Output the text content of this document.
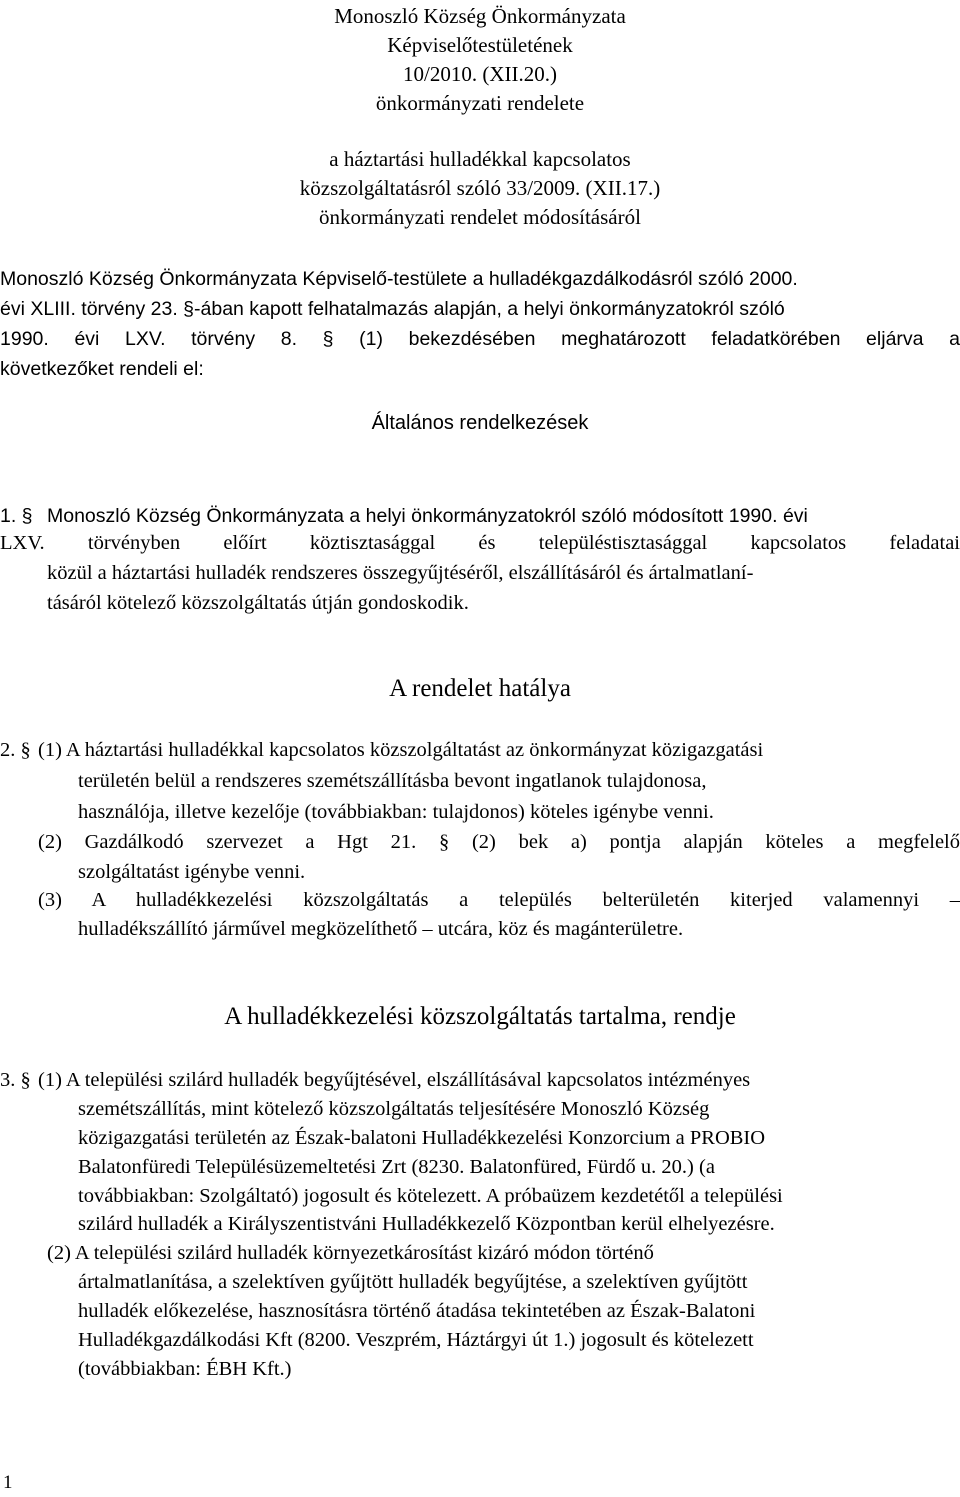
Monoszló Község Önkormányzata
Képviselőtestületének
10/2010. (XII.20.)
önkormányzati rendelete
a háztartási hulladékkal kapcsolatos
közszolgáltatásról szóló 33/2009. (XII.17.)
önkormányzati rendelet módosításáról
Monoszló Község Önkormányzata Képviselő-testülete a hulladékgazdálkodásról szóló 2000.
évi XLIII. törvény 23. §-ában kapott felhatalmazás alapján, a helyi önkormányzatokról szóló
1990. évi LXV. törvény 8. § (1) bekezdésében meghatározott feladatkörében eljárva a
következőket rendeli el:
Általános rendelkezések
1. § Monoszló Község Önkormányzata a helyi önkormányzatokról szóló módosított 1990. évi
LXV. törvényben előírt köztisztasággal és településtisztasággal kapcsolatos feladatai
közül a háztartási hulladék rendszeres összegyűjtéséről, elszállításáról és ártalmatlaní-
tásáról kötelező közszolgáltatás útján gondoskodik.
A rendelet hatálya
2. § (1) A háztartási hulladékkal kapcsolatos közszolgáltatást az önkormányzat közigazgatási
területén belül a rendszeres szemétszállításba bevont ingatlanok tulajdonosa,
használója, illetve kezelője (továbbiakban: tulajdonos) köteles igénybe venni.
(2) Gazdálkodó szervezet a Hgt 21. § (2) bek a) pontja alapján köteles a megfelelő
szolgáltatást igénybe venni.
(3) A hulladékkezelési közszolgáltatás a település belterületén kiterjed valamennyi –
hulladékszállító járművel megközelíthető – utcára, köz és magánterületre.
A hulladékkezelési közszolgáltatás tartalma, rendje
3. § (1) A települési szilárd hulladék begyűjtésével, elszállításával kapcsolatos intézményes
szemétszállítás, mint kötelező közszolgáltatás teljesítésére Monoszló Község
közigazgatási területén az Észak-balatoni Hulladékkezelési Konzorcium a PROBIO
Balatonfüredi Településüzemeltetési Zrt (8230. Balatonfüred, Fürdő u. 20.) (a
továbbiakban: Szolgáltató) jogosult és kötelezett. A próbaüzem kezdetétől a települési
szilárd hulladék a Királyszentistváni Hulladékkezelő Központban kerül elhelyezésre.
(2) A települési szilárd hulladék környezetkárosítást kizáró módon történő
ártalmatlanítása, a szelektíven gyűjtött hulladék begyűjtése, a szelektíven gyűjtött
hulladék előkezelése, hasznosításra történő átadása tekintetében az Észak-Balatoni
Hulladékgazdálkodási Kft (8200. Veszprém, Háztárgyi út 1.) jogosult és kötelezett
(továbbiakban: ÉBH Kft.)
1
